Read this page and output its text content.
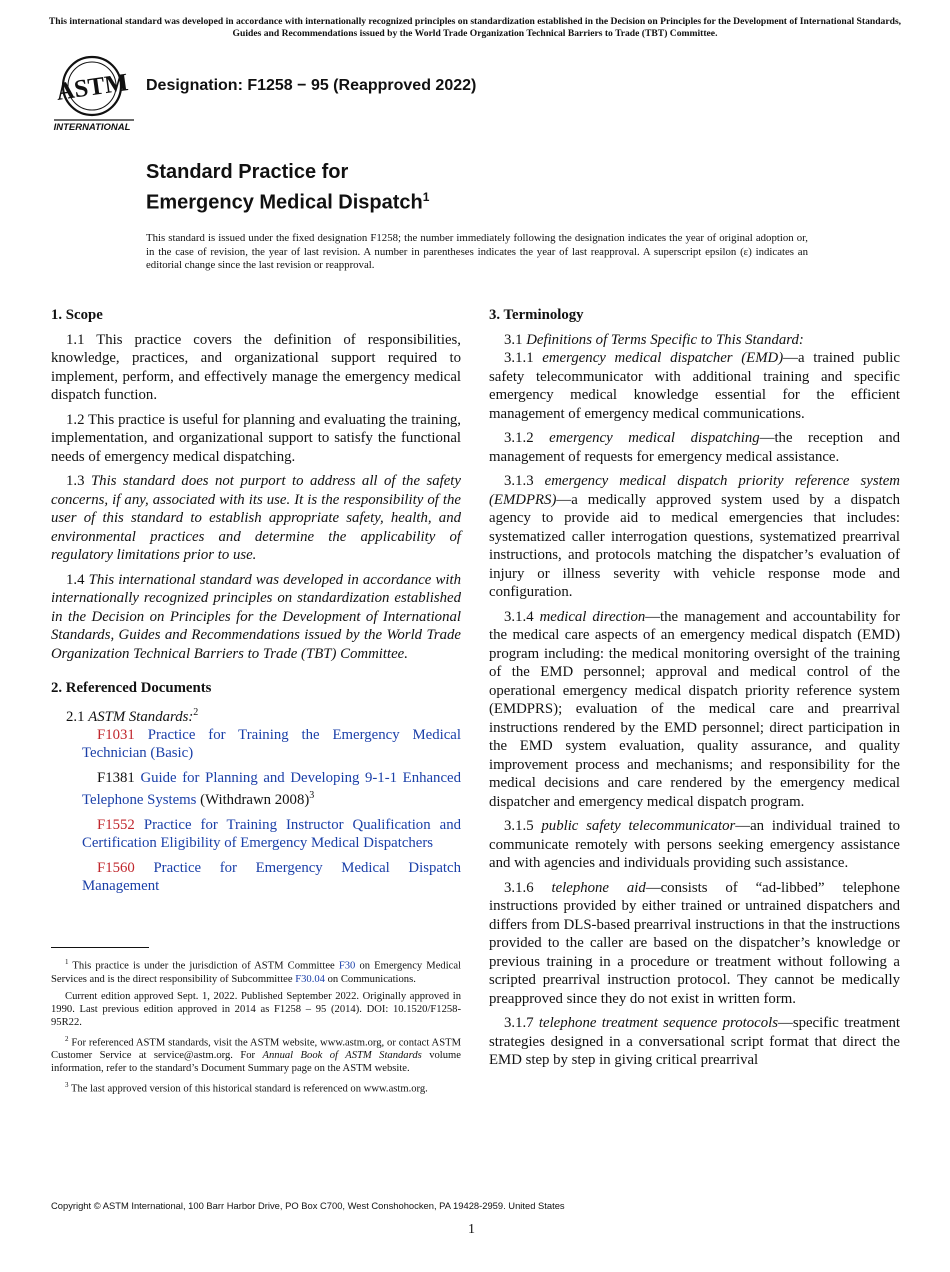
This international standard was developed in accordance with internationally recognized principles on standardization established in the Decision on Principles for the Development of International Standards, Guides and Recommendations issued by the World Trade Organization Technical Barriers to Trade (TBT) Committee.
ASTM
INTERNATIONAL
Designation: F1258 − 95 (Reapproved 2022)
Standard Practice for
Emergency Medical Dispatch$^1$
This standard is issued under the fixed designation F1258; the number immediately following the designation indicates the year of original adoption or, in the case of revision, the year of last revision. A number in parentheses indicates the year of last reapproval. A superscript epsilon (ε) indicates an editorial change since the last revision or reapproval.
1. Scope

1.1 This practice covers the definition of responsibilities, knowledge, practices, and organizational support required to implement, perform, and effectively manage the emergency medical dispatch function.

1.2 This practice is useful for planning and evaluating the training, implementation, and organizational support to satisfy the functional needs of emergency medical dispatching.

1.3 This standard does not purport to address all of the safety concerns, if any, associated with its use. It is the responsibility of the user of this standard to establish appropriate safety, health, and environmental practices and determine the applicability of regulatory limitations prior to use.

1.4 This international standard was developed in accordance with internationally recognized principles on standardization established in the Decision on Principles for the Development of International Standards, Guides and Recommendations issued by the World Trade Organization Technical Barriers to Trade (TBT) Committee.

2. Referenced Documents

2.1 ASTM Standards:$^2$

F1031 Practice for Training the Emergency Medical Technician (Basic)

F1381 Guide for Planning and Developing 9-1-1 Enhanced Telephone Systems (Withdrawn 2008)$^3$

F1552 Practice for Training Instructor Qualification and Certification Eligibility of Emergency Medical Dispatchers

F1560 Practice for Emergency Medical Dispatch Management

$^1$ This practice is under the jurisdiction of ASTM Committee F30 on Emergency Medical Services and is the direct responsibility of Subcommittee F30.04 on Communications.

Current edition approved Sept. 1, 2022. Published September 2022. Originally approved in 1990. Last previous edition approved in 2014 as F1258 – 95 (2014). DOI: 10.1520/F1258-95R22.

$^2$ For referenced ASTM standards, visit the ASTM website, www.astm.org, or contact ASTM Customer Service at service@astm.org. For Annual Book of ASTM Standards volume information, refer to the standard’s Document Summary page on the ASTM website.

$^3$ The last approved version of this historical standard is referenced on www.astm.org.

3. Terminology

3.1 Definitions of Terms Specific to This Standard:

3.1.1 emergency medical dispatcher (EMD)—a trained public safety telecommunicator with additional training and specific emergency medical knowledge essential for the efficient management of emergency medical communications.

3.1.2 emergency medical dispatching—the reception and management of requests for emergency medical assistance.

3.1.3 emergency medical dispatch priority reference system (EMDPRS)—a medically approved system used by a dispatch agency to provide aid to medical emergencies that includes: systematized caller interrogation questions, systematized prearrival instructions, and protocols matching the dispatcher’s evaluation of injury or illness severity with vehicle response mode and configuration.

3.1.4 medical direction—the management and accountability for the medical care aspects of an emergency medical dispatch (EMD) program including: the medical monitoring oversight of the training of the EMD personnel; approval and medical control of the operational emergency medical dispatch priority reference system (EMDPRS); evaluation of the medical care and prearrival instructions rendered by the EMD personnel; direct participation in the EMD system evaluation, quality assurance, and quality improvement process and mechanisms; and responsibility for the medical decisions and care rendered by the emergency medical dispatcher and emergency medical dispatch program.

3.1.5 public safety telecommunicator—an individual trained to communicate remotely with persons seeking emergency assistance and with agencies and individuals providing such assistance.

3.1.6 telephone aid—consists of “ad-libbed” telephone instructions provided by either trained or untrained dispatchers and differs from DLS-based prearrival instructions in that the instructions provided to the caller are based on the dispatcher’s knowledge or previous training in a procedure or treatment without following a scripted prearrival instruction protocol. They cannot be medically preapproved since they do not exist in written form.

3.1.7 telephone treatment sequence protocols—specific treatment strategies designed in a conversational script format that direct the EMD step by step in giving critical prearrival

Copyright © ASTM International, 100 Barr Harbor Drive, PO Box C700, West Conshohocken, PA 19428-2959. United States
1
